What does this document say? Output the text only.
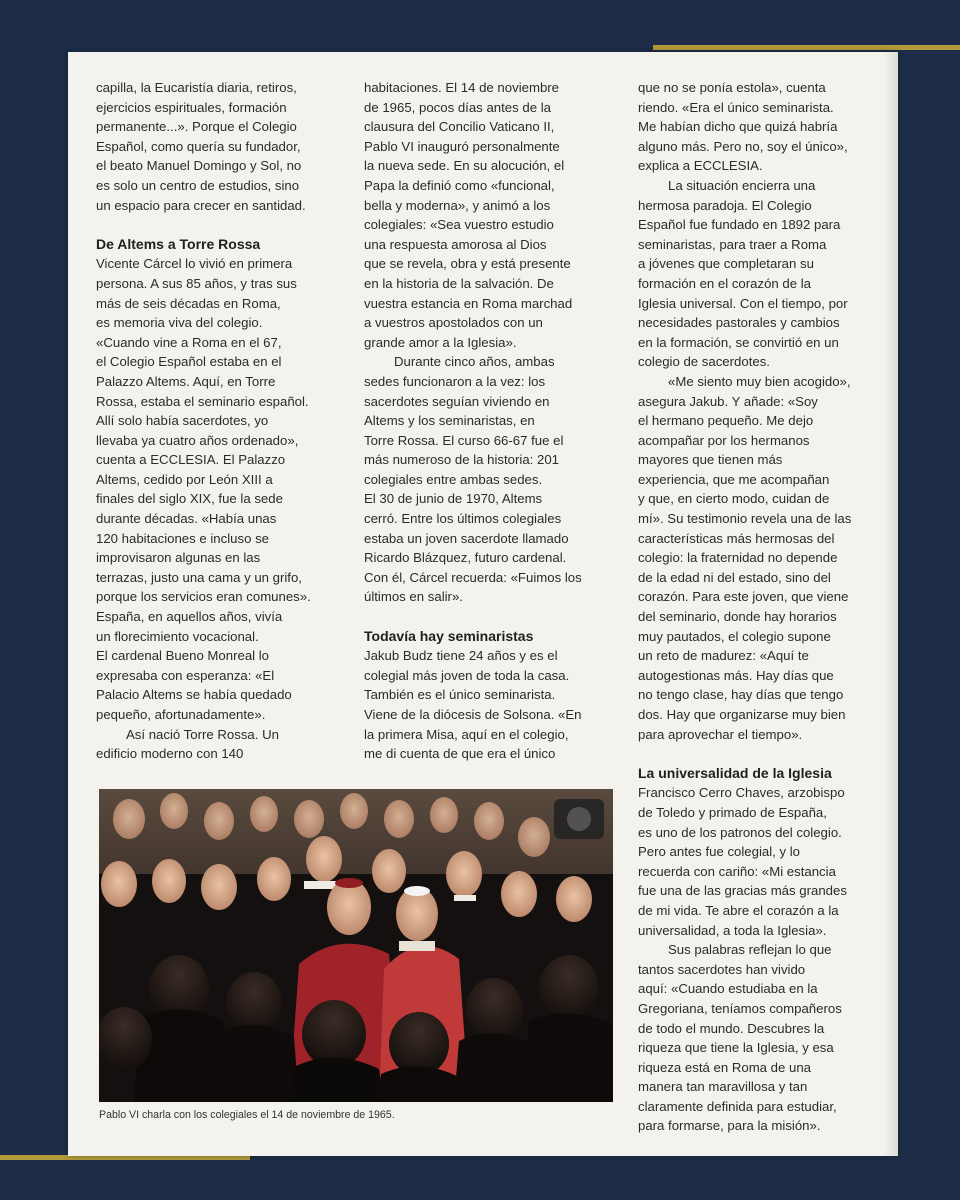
capilla, la Eucaristía diaria, retiros,
ejercicios espirituales, formación
permanente...». Porque el Colegio
Español, como quería su fundador,
el beato Manuel Domingo y Sol, no
es solo un centro de estudios, sino
un espacio para crecer en santidad.
De Altems a Torre Rossa
Vicente Cárcel lo vivió en primera
persona. A sus 85 años, y tras sus
más de seis décadas en Roma,
es memoria viva del colegio.
«Cuando vine a Roma en el 67,
el Colegio Español estaba en el
Palazzo Altems. Aquí, en Torre
Rossa, estaba el seminario español.
Allí solo había sacerdotes, yo
llevaba ya cuatro años ordenado»,
cuenta a ECCLESIA. El Palazzo
Altems, cedido por León XIII a
finales del siglo XIX, fue la sede
durante décadas. «Había unas
120 habitaciones e incluso se
improvisaron algunas en las
terrazas, justo una cama y un grifo,
porque los servicios eran comunes».
España, en aquellos años, vivía
un florecimiento vocacional.
El cardenal Bueno Monreal lo
expresaba con esperanza: «El
Palacio Altems se había quedado
pequeño, afortunadamente».
Así nació Torre Rossa. Un
edificio moderno con 140
habitaciones. El 14 de noviembre
de 1965, pocos días antes de la
clausura del Concilio Vaticano II,
Pablo VI inauguró personalmente
la nueva sede. En su alocución, el
Papa la definió como «funcional,
bella y moderna», y animó a los
colegiales: «Sea vuestro estudio
una respuesta amorosa al Dios
que se revela, obra y está presente
en la historia de la salvación. De
vuestra estancia en Roma marchad
a vuestros apostolados con un
grande amor a la Iglesia».
Durante cinco años, ambas
sedes funcionaron a la vez: los
sacerdotes seguían viviendo en
Altems y los seminaristas, en
Torre Rossa. El curso 66-67 fue el
más numeroso de la historia: 201
colegiales entre ambas sedes.
El 30 de junio de 1970, Altems
cerró. Entre los últimos colegiales
estaba un joven sacerdote llamado
Ricardo Blázquez, futuro cardenal.
Con él, Cárcel recuerda: «Fuimos los
últimos en salir».
Todavía hay seminaristas
Jakub Budz tiene 24 años y es el
colegial más joven de toda la casa.
También es el único seminarista.
Viene de la diócesis de Solsona. «En
la primera Misa, aquí en el colegio,
me di cuenta de que era el único
que no se ponía estola», cuenta
riendo. «Era el único seminarista.
Me habían dicho que quizá habría
alguno más. Pero no, soy el único»,
explica a ECCLESIA.
La situación encierra una
hermosa paradoja. El Colegio
Español fue fundado en 1892 para
seminaristas, para traer a Roma
a jóvenes que completaran su
formación en el corazón de la
Iglesia universal. Con el tiempo, por
necesidades pastorales y cambios
en la formación, se convirtió en un
colegio de sacerdotes.
«Me siento muy bien acogido»,
asegura Jakub. Y añade: «Soy
el hermano pequeño. Me dejo
acompañar por los hermanos
mayores que tienen más
experiencia, que me acompañan
y que, en cierto modo, cuidan de
mí». Su testimonio revela una de las
características más hermosas del
colegio: la fraternidad no depende
de la edad ni del estado, sino del
corazón. Para este joven, que viene
del seminario, donde hay horarios
muy pautados, el colegio supone
un reto de madurez: «Aquí te
autogestionas más. Hay días que
no tengo clase, hay días que tengo
dos. Hay que organizarse muy bien
para aprovechar el tiempo».
La universalidad de la Iglesia
Francisco Cerro Chaves, arzobispo
de Toledo y primado de España,
es uno de los patronos del colegio.
Pero antes fue colegial, y lo
recuerda con cariño: «Mi estancia
fue una de las gracias más grandes
de mi vida. Te abre el corazón a la
universalidad, a toda la Iglesia».
Sus palabras reflejan lo que
tantos sacerdotes han vivido
aquí: «Cuando estudiaba en la
Gregoriana, teníamos compañeros
de todo el mundo. Descubres la
riqueza que tiene la Iglesia, y esa
riqueza está en Roma de una
manera tan maravillosa y tan
claramente definida para estudiar,
para formarse, para la misión».
Pablo VI charla con los colegiales el 14 de noviembre de 1965.
